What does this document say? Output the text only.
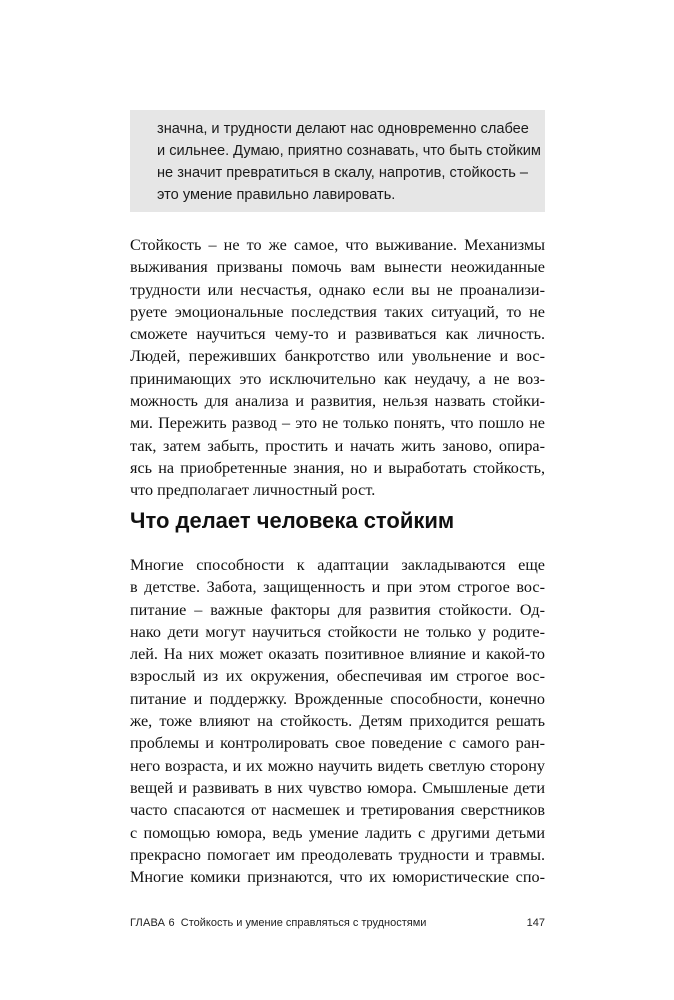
значна, и трудности делают нас одновременно слабее
и сильнее. Думаю, приятно сознавать, что быть стойким
не значит превратиться в скалу, напротив, стойкость –
это умение правильно лавировать.
Стойкость – не то же самое, что выживание. Механизмы
выживания призваны помочь вам вынести неожиданные
трудности или несчастья, однако если вы не проанализи-
руете эмоциональные последствия таких ситуаций, то не
сможете научиться чему-то и развиваться как личность.
Людей, переживших банкротство или увольнение и вос-
принимающих это исключительно как неудачу, а не воз-
можность для анализа и развития, нельзя назвать стойки-
ми. Пережить развод – это не только понять, что пошло не
так, затем забыть, простить и начать жить заново, опира-
ясь на приобретенные знания, но и выработать стойкость,
что предполагает личностный рост.
Что делает человека стойким
Многие способности к адаптации закладываются еще
в детстве. Забота, защищенность и при этом строгое вос-
питание – важные факторы для развития стойкости. Од-
нако дети могут научиться стойкости не только у родите-
лей. На них может оказать позитивное влияние и какой-то
взрослый из их окружения, обеспечивая им строгое вос-
питание и поддержку. Врожденные способности, конечно
же, тоже влияют на стойкость. Детям приходится решать
проблемы и контролировать свое поведение с самого ран-
него возраста, и их можно научить видеть светлую сторону
вещей и развивать в них чувство юмора. Смышленые дети
часто спасаются от насмешек и третирования сверстников
с помощью юмора, ведь умение ладить с другими детьми
прекрасно помогает им преодолевать трудности и травмы.
Многие комики признаются, что их юмористические спо-
ГЛАВА 6 Стойкость и умение справляться с трудностями	147
